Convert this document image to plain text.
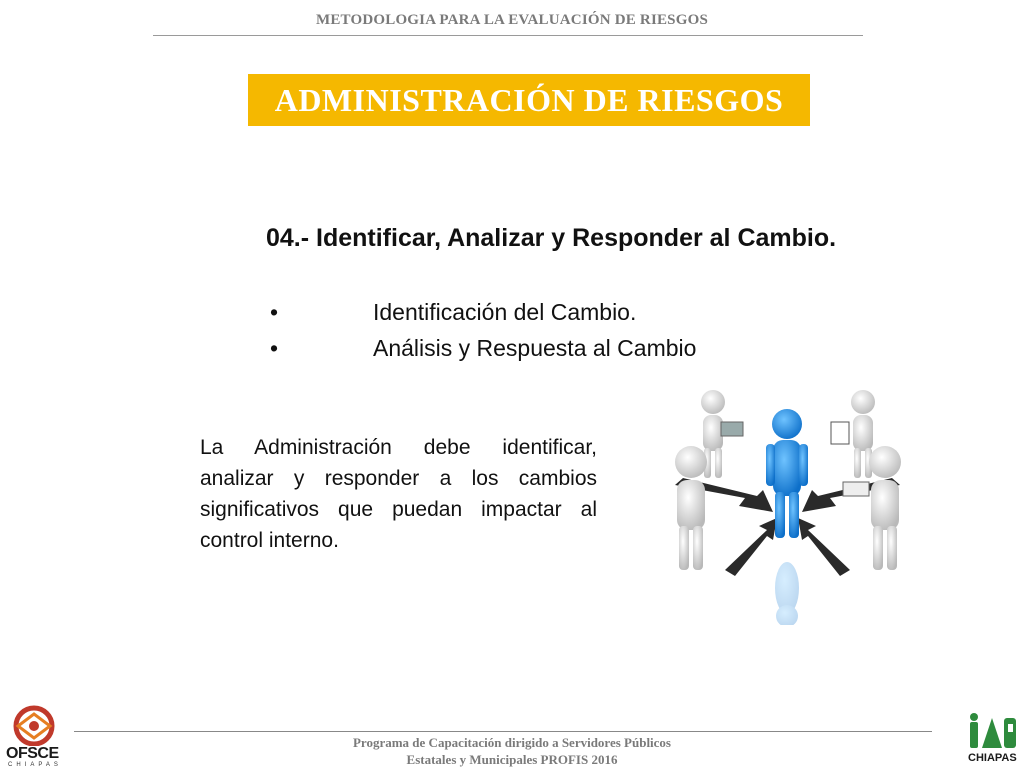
METODOLOGIA PARA LA EVALUACIÓN DE RIESGOS
ADMINISTRACIÓN DE RIESGOS
04.- Identificar, Analizar y Responder al Cambio.
•	Identificación del Cambio.
•	Análisis y Respuesta al Cambio

La Administración debe identificar, analizar y responder a los cambios significativos que puedan impactar al control interno.

Programa de Capacitación dirigido a Servidores Públicos
Estatales y Municipales PROFIS 2016
OFSCE
CHIAPAS
CHIAPAS
